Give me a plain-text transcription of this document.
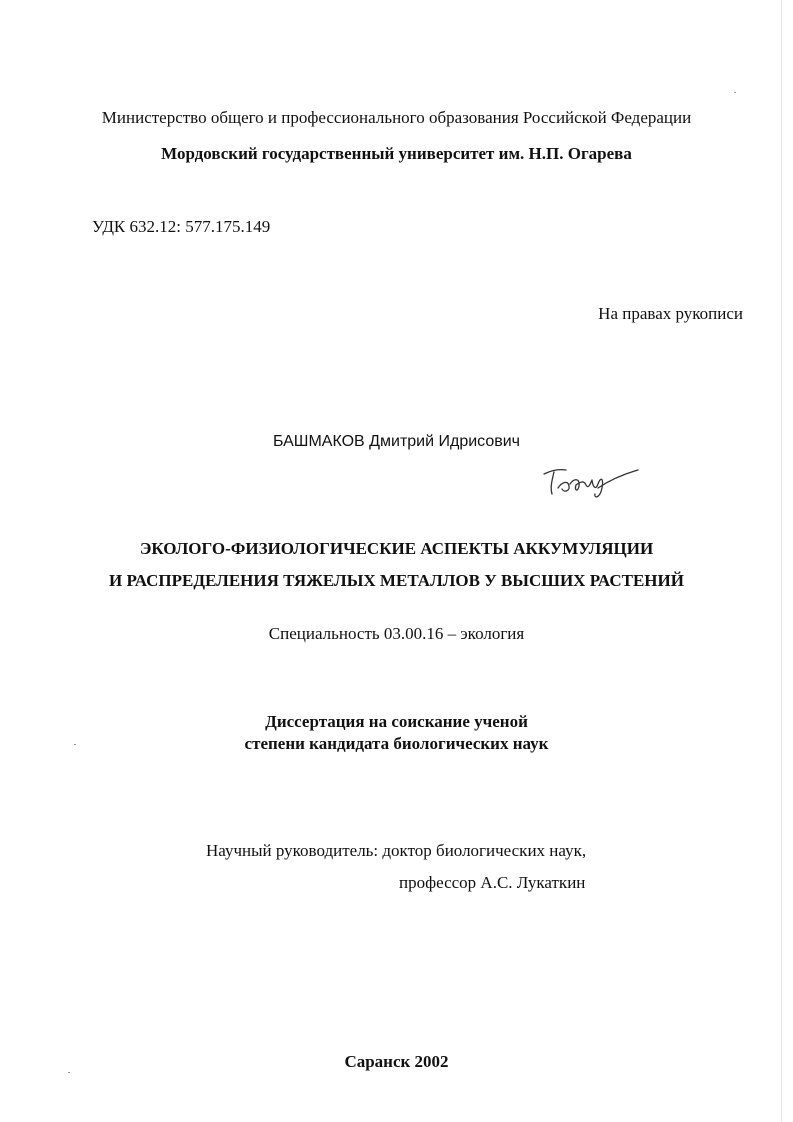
Министерство общего и профессионального образования Российской Федерации
Мордовский государственный университет им. Н.П. Огарева
УДК 632.12: 577.175.149
На правах рукописи
БАШМАКОВ Дмитрий Идрисович
ЭКОЛОГО-ФИЗИОЛОГИЧЕСКИЕ АСПЕКТЫ АККУМУЛЯЦИИ
И РАСПРЕДЕЛЕНИЯ ТЯЖЕЛЫХ МЕТАЛЛОВ У ВЫСШИХ РАСТЕНИЙ
Специальность 03.00.16 – экология
Диссертация на соискание ученой
степени кандидата биологических наук
Научный руководитель: доктор биологических наук,
профессор А.С. Лукаткин
Саранск 2002
